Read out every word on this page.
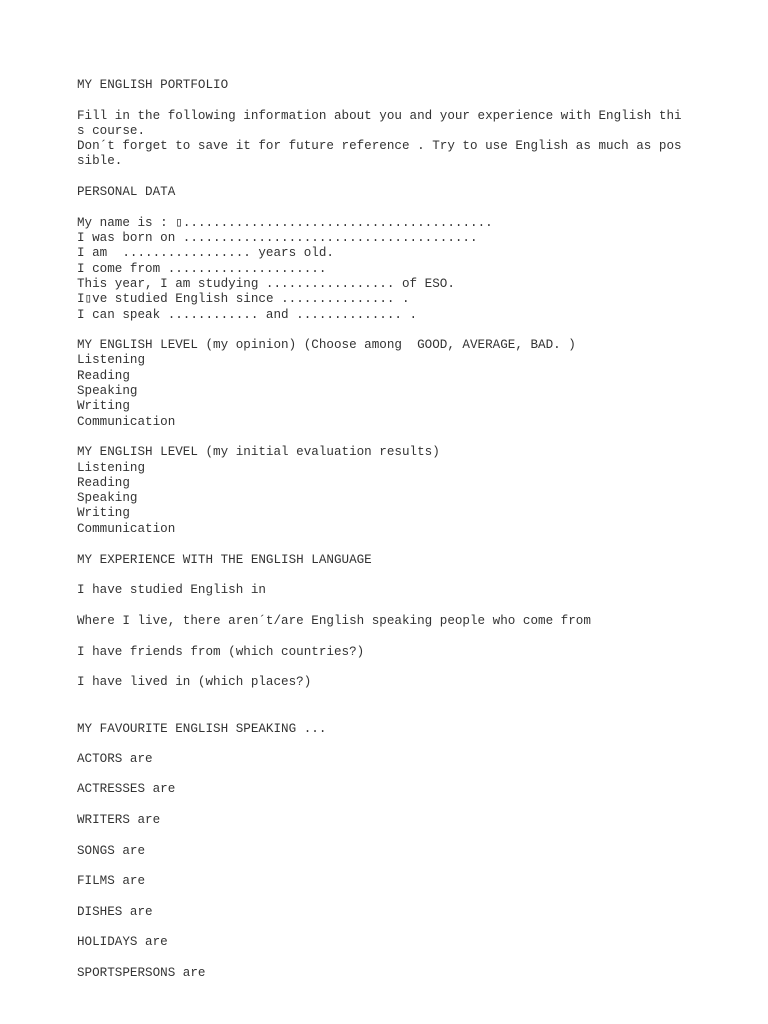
MY ENGLISH PORTFOLIO

Fill in the following information about you and your experience with English thi

s course.

Don´t forget to save it for future reference . Try to use English as much as pos

sible.

PERSONAL DATA

My name is : ▯.........................................

I was born on .......................................

I am  ................. years old.

I come from .....................

This year, I am studying ................. of ESO.

I▯ve studied English since ............... .

I can speak ............ and .............. .

MY ENGLISH LEVEL (my opinion) (Choose among  GOOD, AVERAGE, BAD. )

Listening

Reading

Speaking

Writing

Communication

MY ENGLISH LEVEL (my initial evaluation results)

Listening

Reading

Speaking

Writing

Communication

MY EXPERIENCE WITH THE ENGLISH LANGUAGE

I have studied English in

Where I live, there aren´t/are English speaking people who come from

I have friends from (which countries?)

I have lived in (which places?)

MY FAVOURITE ENGLISH SPEAKING ...

ACTORS are

ACTRESSES are

WRITERS are

SONGS are

FILMS are

DISHES are

HOLIDAYS are

SPORTSPERSONS are
